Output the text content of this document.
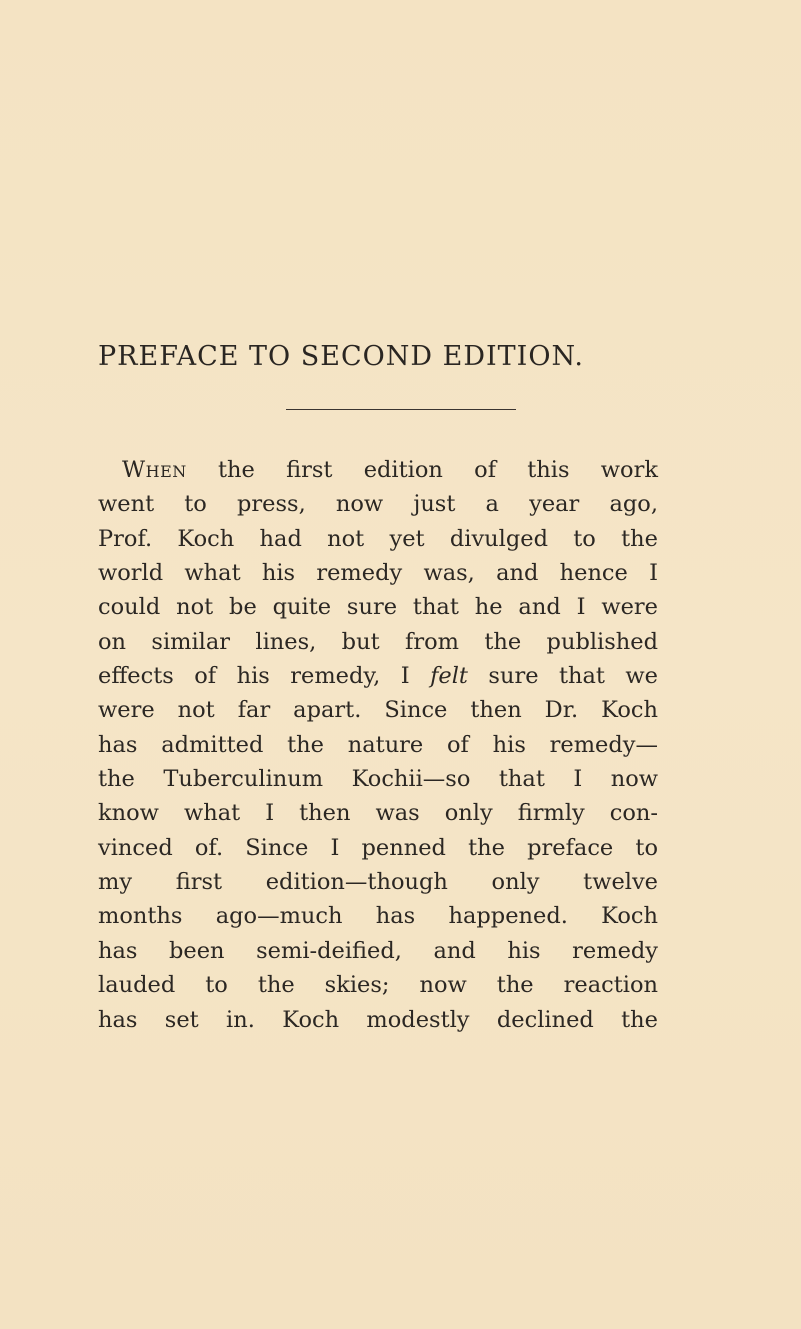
PREFACE TO SECOND EDITION.
When the first edition of this work
went to press, now just a year ago,
Prof. Koch had not yet divulged to the
world what his remedy was, and hence I
could not be quite sure that he and I were
on similar lines, but from the published
effects of his remedy, I felt sure that we
were not far apart. Since then Dr. Koch
has admitted the nature of his remedy—
the Tuberculinum Kochii—so that I now
know what I then was only firmly con-
vinced of. Since I penned the preface to
my first edition—though only twelve
months ago—much has happened. Koch
has been semi-deified, and his remedy
lauded to the skies; now the reaction
has set in. Koch modestly declined the
